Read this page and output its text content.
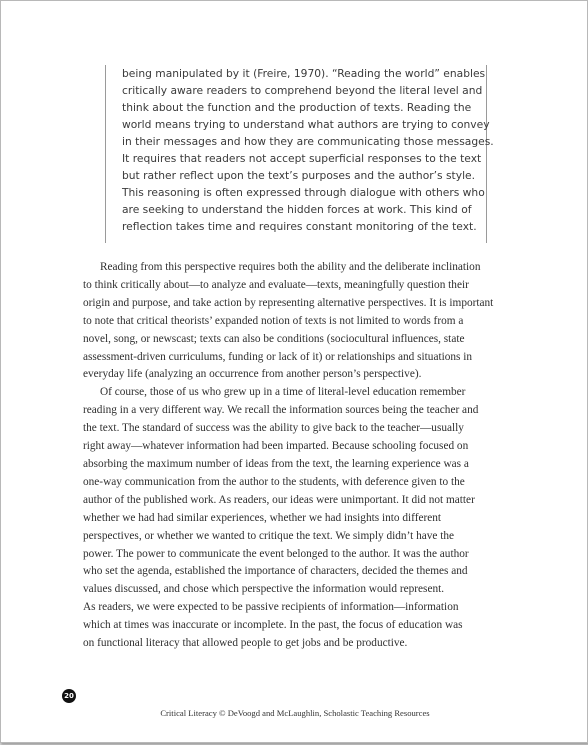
being manipulated by it (Freire, 1970). “Reading the world” enables
critically aware readers to comprehend beyond the literal level and
think about the function and the production of texts. Reading the
world means trying to understand what authors are trying to convey
in their messages and how they are communicating those messages.
It requires that readers not accept superficial responses to the text
but rather reflect upon the text’s purposes and the author’s style.
This reasoning is often expressed through dialogue with others who
are seeking to understand the hidden forces at work. This kind of
reflection takes time and requires constant monitoring of the text.
  Reading from this perspective requires both the ability and the deliberate inclination
to think critically about—to analyze and evaluate—texts, meaningfully question their
origin and purpose, and take action by representing alternative perspectives. It is important
to note that critical theorists’ expanded notion of texts is not limited to words from a
novel, song, or newscast; texts can also be conditions (sociocultural influences, state
assessment-driven curriculums, funding or lack of it) or relationships and situations in
everyday life (analyzing an occurrence from another person’s perspective).
  Of course, those of us who grew up in a time of literal-level education remember
reading in a very different way. We recall the information sources being the teacher and
the text. The standard of success was the ability to give back to the teacher—usually
right away—whatever information had been imparted. Because schooling focused on
absorbing the maximum number of ideas from the text, the learning experience was a
one-way communication from the author to the students, with deference given to the
author of the published work. As readers, our ideas were unimportant. It did not matter
whether we had had similar experiences, whether we had insights into different
perspectives, or whether we wanted to critique the text. We simply didn’t have the
power. The power to communicate the event belonged to the author. It was the author
who set the agenda, established the importance of characters, decided the themes and
values discussed, and chose which perspective the information would represent.
As readers, we were expected to be passive recipients of information—information
which at times was inaccurate or incomplete. In the past, the focus of education was
on functional literacy that allowed people to get jobs and be productive.
20
Critical Literacy © DeVoogd and McLaughlin, Scholastic Teaching Resources
